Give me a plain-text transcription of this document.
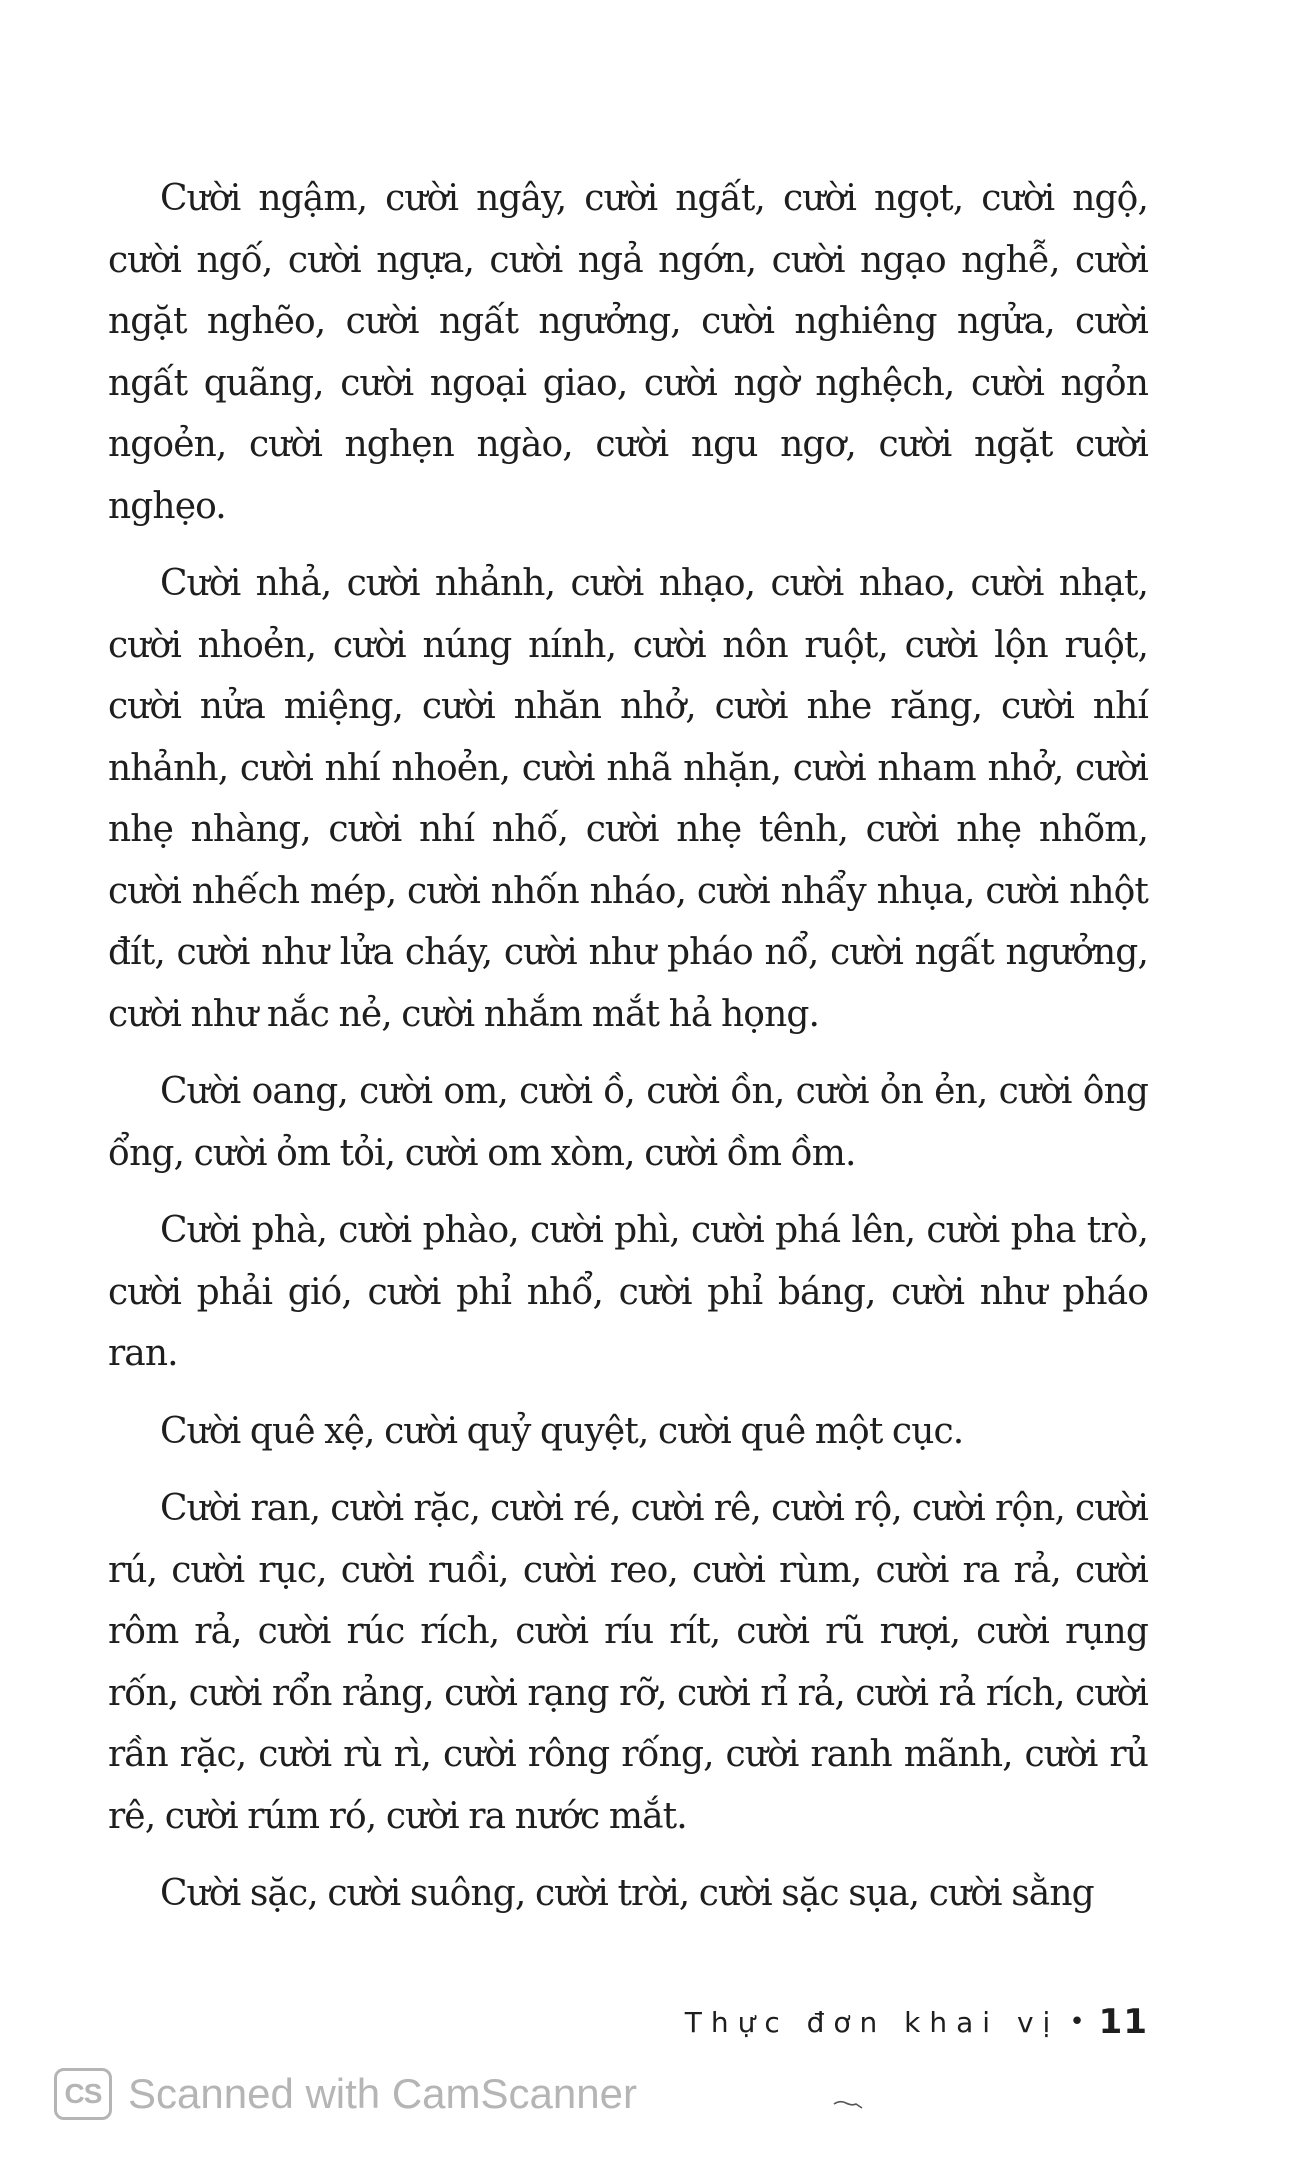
Cười ngậm, cười ngây, cười ngất, cười ngọt, cười ngộ, cười ngố, cười ngựa, cười ngả ngớn, cười ngạo nghễ, cười ngặt nghẽo, cười ngất ngưởng, cười nghiêng ngửa, cười ngất quãng, cười ngoại giao, cười ngờ nghệch, cười ngỏn ngoẻn, cười nghẹn ngào, cười ngu ngơ, cười ngặt cười nghẹo.

Cười nhả, cười nhảnh, cười nhạo, cười nhao, cười nhạt, cười nhoẻn, cười núng nính, cười nôn ruột, cười lộn ruột, cười nửa miệng, cười nhăn nhở, cười nhe răng, cười nhí nhảnh, cười nhí nhoẻn, cười nhã nhặn, cười nham nhở, cười nhẹ nhàng, cười nhí nhố, cười nhẹ tênh, cười nhẹ nhõm, cười nhếch mép, cười nhốn nháo, cười nhẩy nhụa, cười nhột đít, cười như lửa cháy, cười như pháo nổ, cười ngất ngưởng, cười như nắc nẻ, cười nhắm mắt hả họng.

Cười oang, cười om, cười ồ, cười ồn, cười ỏn ẻn, cười ông ổng, cười ỏm tỏi, cười om xòm, cười ồm ồm.

Cười phà, cười phào, cười phì, cười phá lên, cười pha trò, cười phải gió, cười phỉ nhổ, cười phỉ báng, cười như pháo ran.

Cười quê xệ, cười quỷ quyệt, cười quê một cục.

Cười ran, cười rặc, cười ré, cười rê, cười rộ, cười rộn, cười rú, cười rục, cười ruồi, cười reo, cười rùm, cười ra rả, cười rôm rả, cười rúc rích, cười ríu rít, cười rũ rượi, cười rụng rốn, cười rổn rảng, cười rạng rỡ, cười rỉ rả, cười rả rích, cười rần rặc, cười rù rì, cười rông rống, cười ranh mãnh, cười rủ rê, cười rúm ró, cười ra nước mắt.

Cười sặc, cười suông, cười trời, cười sặc sụa, cười sằng

Thực đơn khai vị • 11
CS Scanned with CamScanner
